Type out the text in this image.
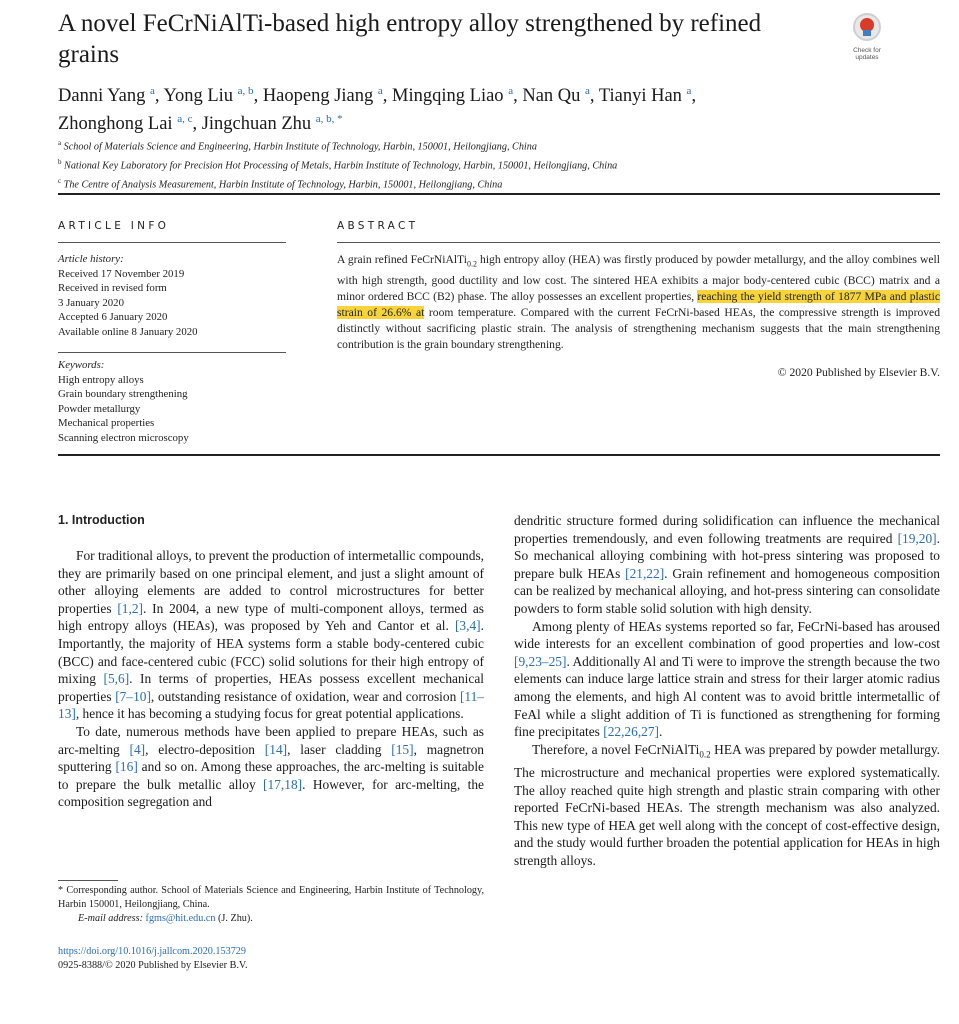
A novel FeCrNiAlTi-based high entropy alloy strengthened by refined grains	Check for
updates
Danni Yang $^a$, Yong Liu $^{a, b}$, Haopeng Jiang $^a$, Mingqing Liao $^a$, Nan Qu $^a$, Tianyi Han $^a$,
Zhonghong Lai $^{a, c}$, Jingchuan Zhu $^{a, b, *}$
$^a$ School of Materials Science and Engineering, Harbin Institute of Technology, Harbin, 150001, Heilongjiang, China
$^b$ National Key Laboratory for Precision Hot Processing of Metals, Harbin Institute of Technology, Harbin, 150001, Heilongjiang, China
$^c$ The Centre of Analysis Measurement, Harbin Institute of Technology, Harbin, 150001, Heilongjiang, China
ARTICLE INFO	ABSTRACT
Article history:
Received 17 November 2019
Received in revised form
3 January 2020
Accepted 6 January 2020
Available online 8 January 2020
Keywords:
High entropy alloys
Grain boundary strengthening
Powder metallurgy
Mechanical properties
Scanning electron microscopy
A grain refined FeCrNiAlTi$_{0.2}$ high entropy alloy (HEA) was firstly produced by powder metallurgy, and the alloy combines well with high strength, good ductility and low cost. The sintered HEA exhibits a major body-centered cubic (BCC) matrix and a minor ordered BCC (B2) phase. The alloy possesses an excellent properties, reaching the yield strength of 1877 MPa and plastic strain of 26.6% at room temperature. Compared with the current FeCrNi-based HEAs, the compressive strength is improved distinctly without sacrificing plastic strain. The analysis of strengthening mechanism suggests that the main strengthening contribution is the grain boundary strengthening.
© 2020 Published by Elsevier B.V.
1. Introduction

For traditional alloys, to prevent the production of intermetallic compounds, they are primarily based on one principal element, and just a slight amount of other alloying elements are added to control microstructures for better properties [1,2]. In 2004, a new type of multi-component alloys, termed as high entropy alloys (HEAs), was proposed by Yeh and Cantor et al. [3,4]. Importantly, the majority of HEA systems form a stable body-centered cubic (BCC) and face-centered cubic (FCC) solid solutions for their high entropy of mixing [5,6]. In terms of properties, HEAs possess excellent mechanical properties [7–10], outstanding resistance of oxidation, wear and corrosion [11–13], hence it has becoming a studying focus for great potential applications.

To date, numerous methods have been applied to prepare HEAs, such as arc-melting [4], electro-deposition [14], laser cladding [15], magnetron sputtering [16] and so on. Among these approaches, the arc-melting is suitable to prepare the bulk metallic alloy [17,18]. However, for arc-melting, the composition segregation and

dendritic structure formed during solidification can influence the mechanical properties tremendously, and even following treatments are required [19,20]. So mechanical alloying combining with hot-press sintering was proposed to prepare bulk HEAs [21,22]. Grain refinement and homogeneous composition can be realized by mechanical alloying, and hot-press sintering can consolidate powders to form stable solid solution with high density.

Among plenty of HEAs systems reported so far, FeCrNi-based has aroused wide interests for an excellent combination of good properties and low-cost [9,23–25]. Additionally Al and Ti were to improve the strength because the two elements can induce large lattice strain and stress for their larger atomic radius among the elements, and high Al content was to avoid brittle intermetallic of FeAl while a slight addition of Ti is functioned as strengthening for forming fine precipitates [22,26,27].

Therefore, a novel FeCrNiAlTi$_{0.2}$ HEA was prepared by powder metallurgy. The microstructure and mechanical properties were explored systematically. The alloy reached quite high strength and plastic strain comparing with other reported FeCrNi-based HEAs. The strength mechanism was also analyzed. This new type of HEA get well along with the concept of cost-effective design, and the study would further broaden the potential application for HEAs in high strength alloys.

* Corresponding author. School of Materials Science and Engineering, Harbin Institute of Technology, Harbin 150001, Heilongjiang, China.
E-mail address: fgms@hit.edu.cn (J. Zhu).
https://doi.org/10.1016/j.jallcom.2020.153729
0925-8388/© 2020 Published by Elsevier B.V.
